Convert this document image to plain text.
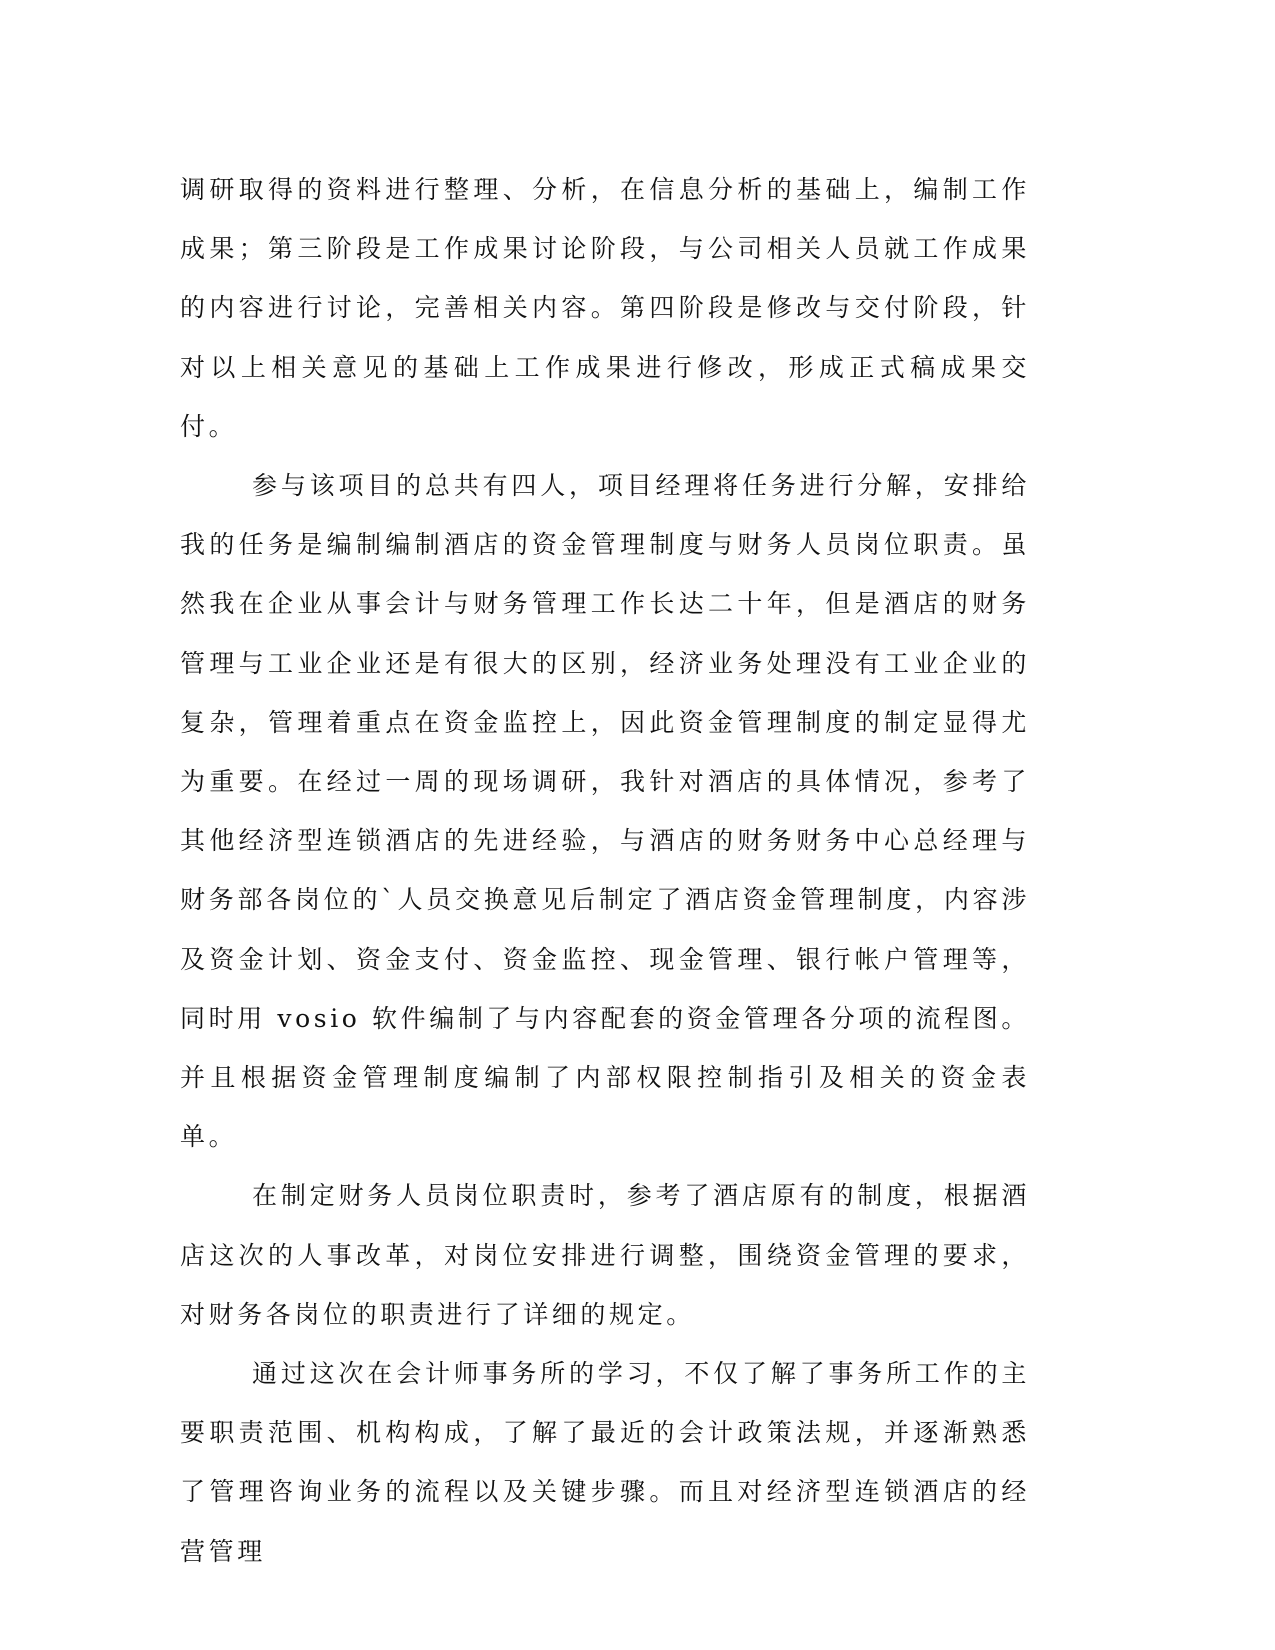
调研取得的资料进行整理、分析，在信息分析的基础上，编制工作成果；第三阶段是工作成果讨论阶段，与公司相关人员就工作成果的内容进行讨论，完善相关内容。第四阶段是修改与交付阶段，针对以上相关意见的基础上工作成果进行修改，形成正式稿成果交付。

参与该项目的总共有四人，项目经理将任务进行分解，安排给我的任务是编制编制酒店的资金管理制度与财务人员岗位职责。虽然我在企业从事会计与财务管理工作长达二十年，但是酒店的财务管理与工业企业还是有很大的区别，经济业务处理没有工业企业的复杂，管理着重点在资金监控上，因此资金管理制度的制定显得尤为重要。在经过一周的现场调研，我针对酒店的具体情况，参考了其他经济型连锁酒店的先进经验，与酒店的财务财务中心总经理与财务部各岗位的`人员交换意见后制定了酒店资金管理制度，内容涉及资金计划、资金支付、资金监控、现金管理、银行帐户管理等，同时用 vosio 软件编制了与内容配套的资金管理各分项的流程图。并且根据资金管理制度编制了内部权限控制指引及相关的资金表单。

在制定财务人员岗位职责时，参考了酒店原有的制度，根据酒店这次的人事改革，对岗位安排进行调整，围绕资金管理的要求，对财务各岗位的职责进行了详细的规定。

通过这次在会计师事务所的学习，不仅了解了事务所工作的主要职责范围、机构构成，了解了最近的会计政策法规，并逐渐熟悉了管理咨询业务的流程以及关键步骤。而且对经济型连锁酒店的经营管理
